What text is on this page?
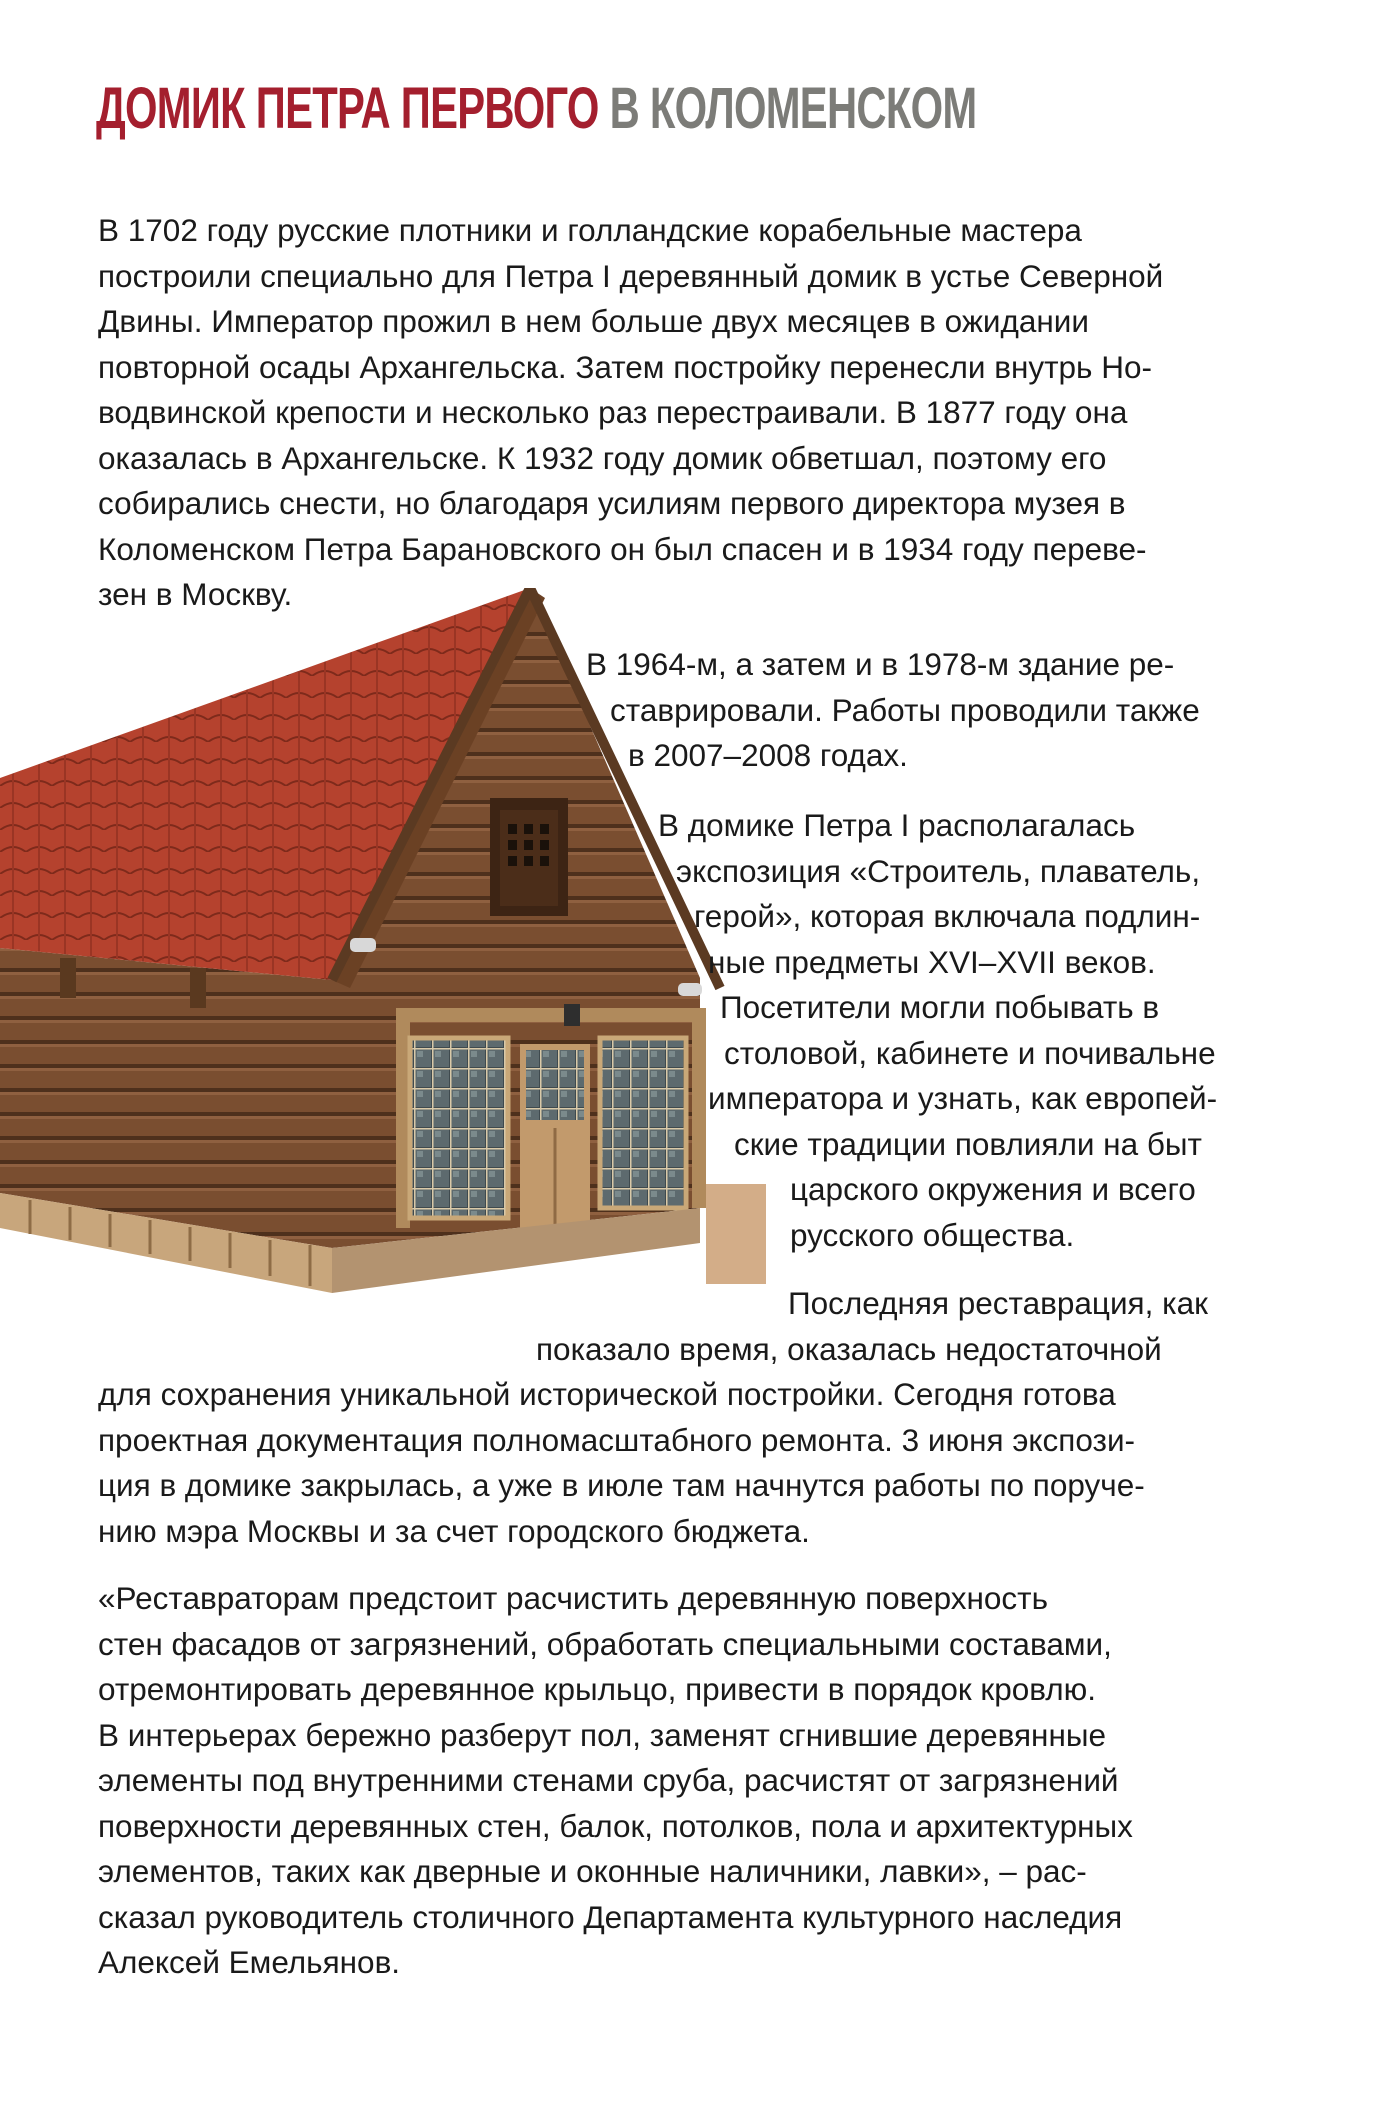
ДОМИК ПЕТРА ПЕРВОГО В КОЛОМЕНСКОМ
В 1702 году русские плотники и голландские корабельные мастера
построили специально для Петра I деревянный домик в устье Северной
Двины. Император прожил в нем больше двух месяцев в ожидании
повторной осады Архангельска. Затем постройку перенесли внутрь Но-
водвинской крепости и несколько раз перестраивали. В 1877 году она
оказалась в Архангельске. К 1932 году домик обветшал, поэтому его
собирались снести, но благодаря усилиям первого директора музея в
Коломенском Петра Барановского он был спасен и в 1934 году переве-
зен в Москву.
В 1964-м, а затем и в 1978-м здание ре-
ставрировали. Работы проводили также
в 2007–2008 годах.
В домике Петра I располагалась
экспозиция «Строитель, плаватель,
герой», которая включала подлин-
ные предметы XVI–XVII веков.
Посетители могли побывать в
столовой, кабинете и почивальне
императора и узнать, как европей-
ские традиции повлияли на быт
царского окружения и всего
русского общества.
Последняя реставрация, как
показало время, оказалась недостаточной
для сохранения уникальной исторической постройки. Сегодня готова
проектная документация полномасштабного ремонта. 3 июня экспози-
ция в домике закрылась, а уже в июле там начнутся работы по поруче-
нию мэра Москвы и за счет городского бюджета.
«Реставраторам предстоит расчистить деревянную поверхность
стен фасадов от загрязнений, обработать специальными составами,
отремонтировать деревянное крыльцо, привести в порядок кровлю.
В интерьерах бережно разберут пол, заменят сгнившие деревянные
элементы под внутренними стенами сруба, расчистят от загрязнений
поверхности деревянных стен, балок, потолков, пола и архитектурных
элементов, таких как дверные и оконные наличники, лавки», – рас-
сказал руководитель столичного Департамента культурного наследия
Алексей Емельянов.
